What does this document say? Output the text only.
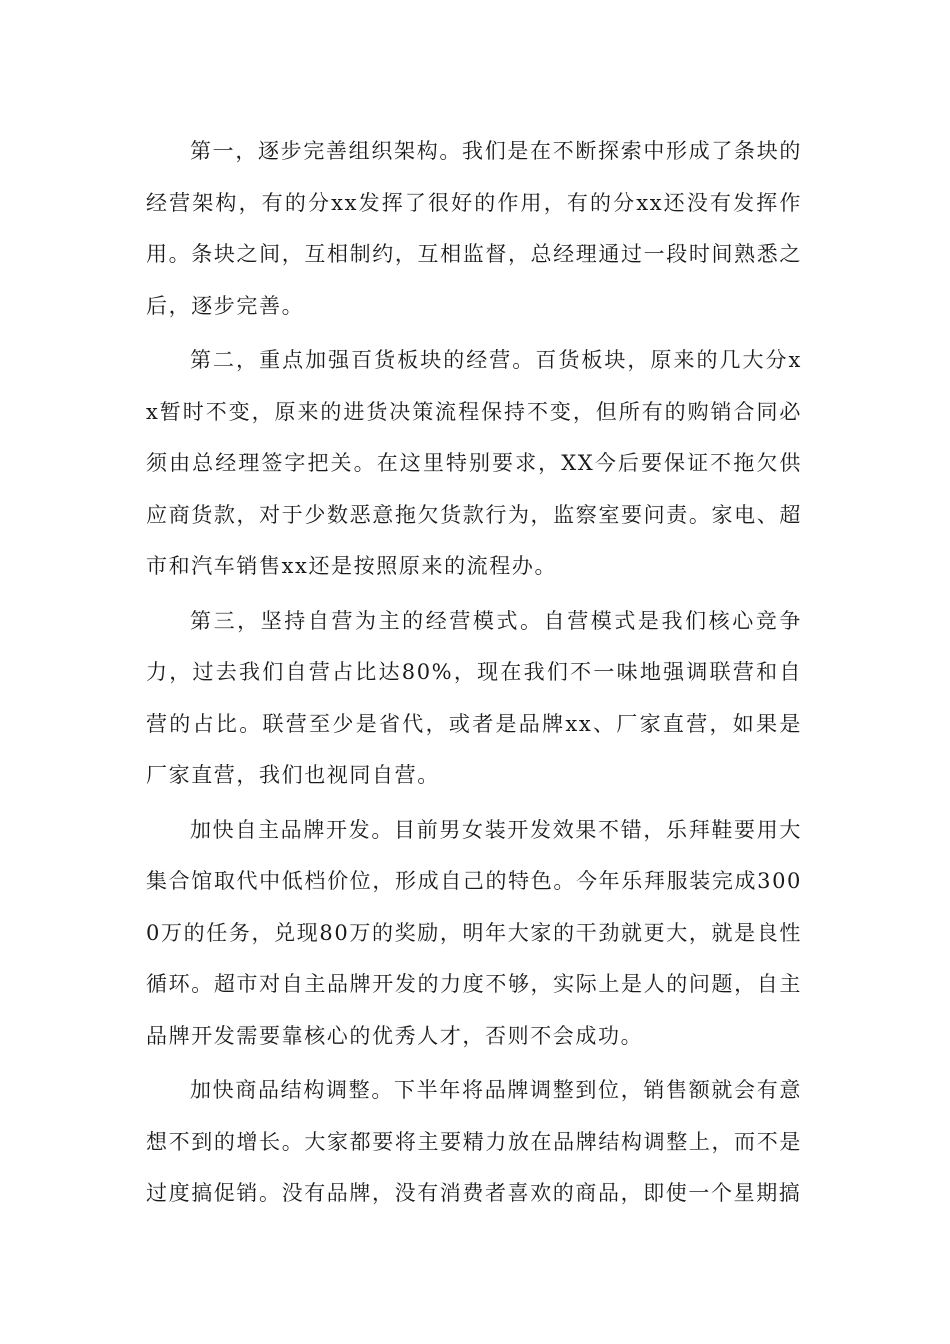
第一，逐步完善组织架构。我们是在不断探索中形成了条块的经营架构，有的分xx发挥了很好的作用，有的分xx还没有发挥作用。条块之间，互相制约，互相监督，总经理通过一段时间熟悉之后，逐步完善。

第二，重点加强百货板块的经营。百货板块，原来的几大分xx暂时不变，原来的进货决策流程保持不变，但所有的购销合同必须由总经理签字把关。在这里特别要求，XX今后要保证不拖欠供应商货款，对于少数恶意拖欠货款行为，监察室要问责。家电、超市和汽车销售xx还是按照原来的流程办。

第三，坚持自营为主的经营模式。自营模式是我们核心竞争力，过去我们自营占比达80%，现在我们不一味地强调联营和自营的占比。联营至少是省代，或者是品牌xx、厂家直营，如果是厂家直营，我们也视同自营。

加快自主品牌开发。目前男女装开发效果不错，乐拜鞋要用大集合馆取代中低档价位，形成自己的特色。今年乐拜服装完成3000万的任务，兑现80万的奖励，明年大家的干劲就更大，就是良性循环。超市对自主品牌开发的力度不够，实际上是人的问题，自主品牌开发需要靠核心的优秀人才，否则不会成功。

加快商品结构调整。下半年将品牌调整到位，销售额就会有意想不到的增长。大家都要将主要精力放在品牌结构调整上，而不是过度搞促销。没有品牌，没有消费者喜欢的商品，即使一个星期搞
